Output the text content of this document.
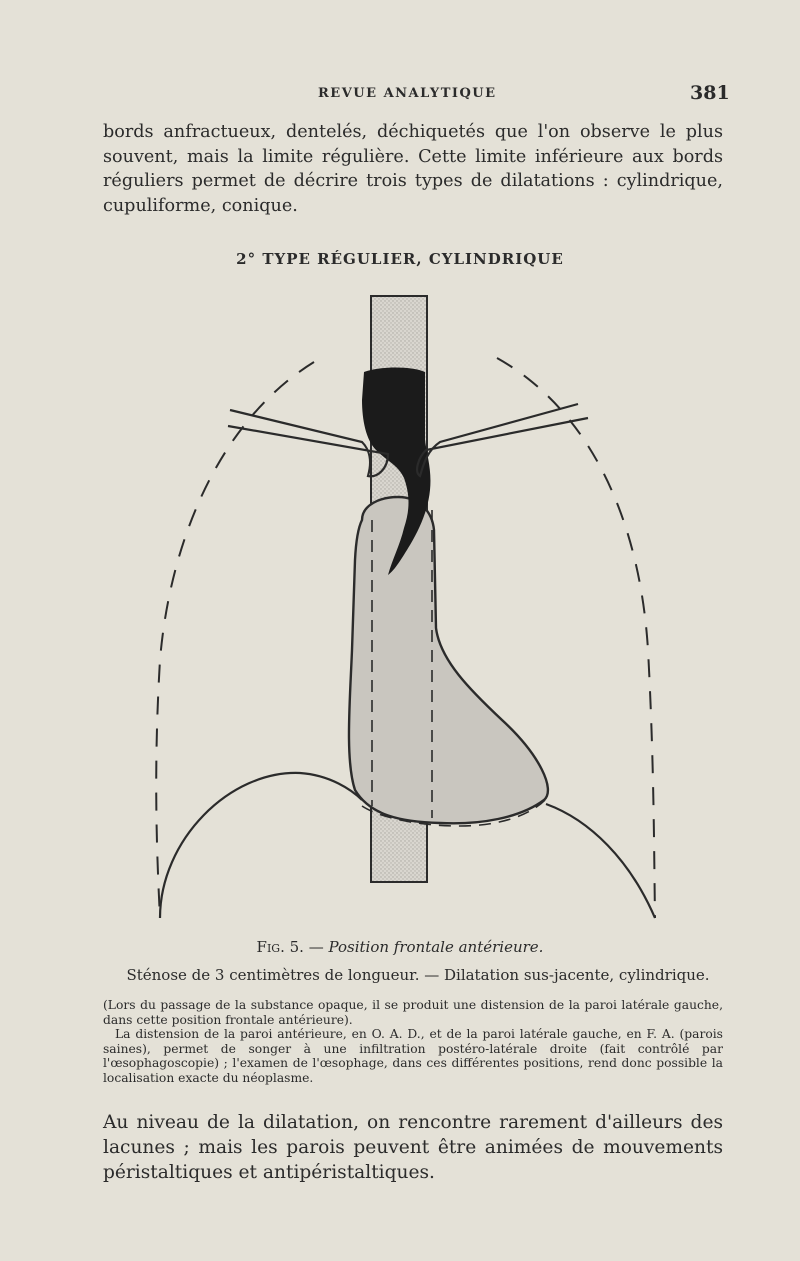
REVUE ANALYTIQUE	381

bords anfractueux, dentelés, déchiquetés que l'on observe le plus souvent, mais la limite régulière. Cette limite inférieure aux bords réguliers permet de décrire trois types de dilatations : cylindrique, cupuliforme, conique.

2° TYPE RÉGULIER, CYLINDRIQUE

Fig. 5. — Position frontale antérieure.

Sténose de 3 centimètres de longueur. — Dilatation sus-jacente, cylindrique.

(Lors du passage de la substance opaque, il se produit une distension de la paroi latérale gauche, dans cette position frontale antérieure).

La distension de la paroi antérieure, en O. A. D., et de la paroi latérale gauche, en F. A. (parois saines), permet de songer à une infiltration postéro-latérale droite (fait contrôlé par l'œsophagoscopie) ; l'examen de l'œsophage, dans ces différentes positions, rend donc possible la localisation exacte du néoplasme.

Au niveau de la dilatation, on rencontre rarement d'ailleurs des lacunes ; mais les parois peuvent être animées de mouvements péristaltiques et antipéristaltiques.
